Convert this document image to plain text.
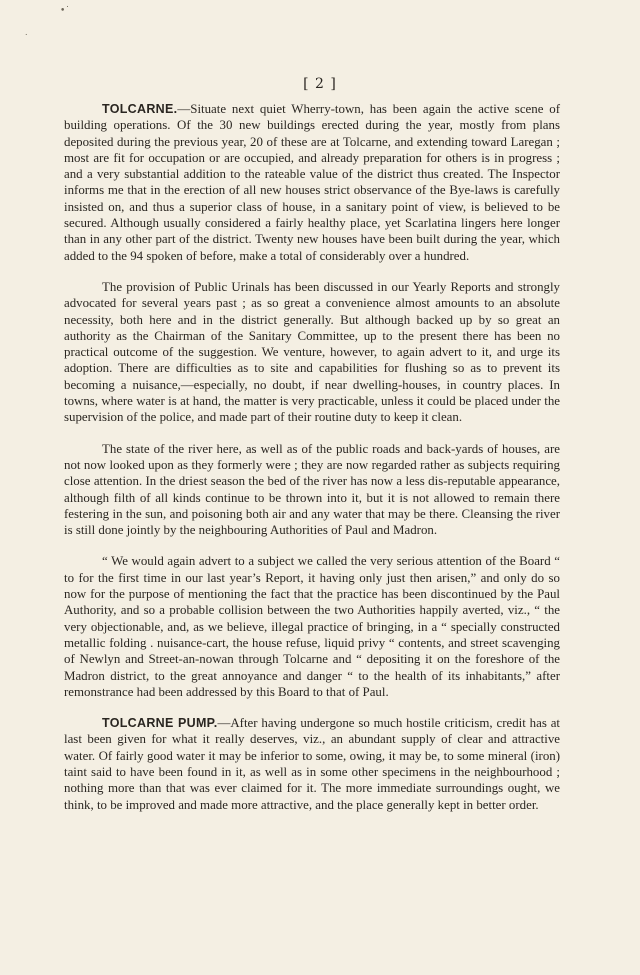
•˙
˙
[ 2 ]

TOLCARNE.—Situate next quiet Wherry-town, has been again the active scene of building operations. Of the 30 new buildings erected during the year, mostly from plans deposited during the previous year, 20 of these are at Tolcarne, and extending toward Laregan ; most are fit for occupation or are occupied, and already preparation for others is in progress ; and a very substantial addition to the rateable value of the district thus created. The Inspector informs me that in the erection of all new houses strict observance of the Bye-laws is carefully insisted on, and thus a superior class of house, in a sanitary point of view, is believed to be secured. Although usually considered a fairly healthy place, yet Scarlatina lingers here longer than in any other part of the district. Twenty new houses have been built during the year, which added to the 94 spoken of before, make a total of considerably over a hundred.

The provision of Public Urinals has been discussed in our Yearly Reports and strongly advocated for several years past ; as so great a convenience almost amounts to an absolute necessity, both here and in the district generally. But although backed up by so great an authority as the Chairman of the Sanitary Committee, up to the present there has been no practical outcome of the suggestion. We venture, however, to again advert to it, and urge its adoption. There are difficulties as to site and capabilities for flushing so as to prevent its becoming a nuisance,—especially, no doubt, if near dwelling-houses, in country places. In towns, where water is at hand, the matter is very practicable, unless it could be placed under the supervision of the police, and made part of their routine duty to keep it clean.

The state of the river here, as well as of the public roads and back-yards of houses, are not now looked upon as they formerly were ; they are now regarded rather as subjects requiring close attention. In the driest season the bed of the river has now a less dis-reputable appearance, although filth of all kinds continue to be thrown into it, but it is not allowed to remain there festering in the sun, and poisoning both air and any water that may be there. Cleansing the river is still done jointly by the neighbouring Authorities of Paul and Madron.

“ We would again advert to a subject we called the very serious attention of the Board “ to for the first time in our last year’s Report, it having only just then arisen,” and only do so now for the purpose of mentioning the fact that the practice has been discontinued by the Paul Authority, and so a probable collision between the two Authorities happily averted, viz., “ the very objectionable, and, as we believe, illegal practice of bringing, in a “ specially constructed metallic folding . nuisance-cart, the house refuse, liquid privy “ contents, and street scavenging of Newlyn and Street-an-nowan through Tolcarne and “ depositing it on the foreshore of the Madron district, to the great annoyance and danger “ to the health of its inhabitants,” after remonstrance had been addressed by this Board to that of Paul.

TOLCARNE PUMP.—After having undergone so much hostile criticism, credit has at last been given for what it really deserves, viz., an abundant supply of clear and attractive water. Of fairly good water it may be inferior to some, owing, it may be, to some mineral (iron) taint said to have been found in it, as well as in some other specimens in the neighbourhood ; nothing more than that was ever claimed for it. The more immediate surroundings ought, we think, to be improved and made more attractive, and the place generally kept in better order.
